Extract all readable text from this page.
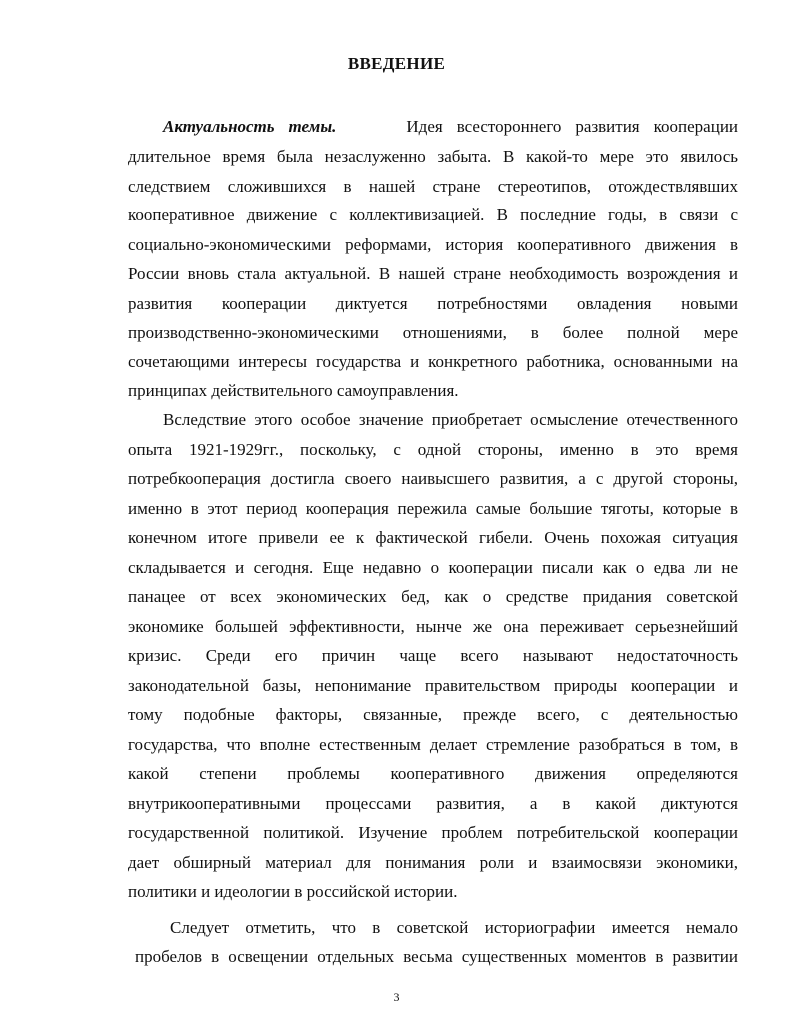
ВВЕДЕНИЕ
Актуальность темы.	Идея всестороннего развития кооперации
длительное время была незаслуженно забыта. В какой-то мере это явилось
следствием сложившихся в нашей стране стереотипов, отождествлявших
кооперативное движение с коллективизацией. В последние годы, в связи с
социально-экономическими реформами, история кооперативного движения в
России вновь стала актуальной. В нашей стране необходимость возрождения и
развития кооперации диктуется потребностями овладения новыми
производственно-экономическими отношениями, в более полной мере
сочетающими интересы государства и конкретного работника, основанными на
принципах действительного самоуправления.
Вследствие этого особое значение приобретает осмысление отечественного
опыта 1921-1929гг., поскольку, с одной стороны, именно в это время
потребкооперация достигла своего наивысшего развития, а с другой стороны,
именно в этот период кооперация пережила самые большие тяготы, которые в
конечном итоге привели ее к фактической гибели. Очень похожая ситуация
складывается и сегодня. Еще недавно о кооперации писали как о едва ли не
панацее от всех экономических бед, как о средстве придания советской
экономике большей эффективности, нынче же она переживает серьезнейший
кризис. Среди его причин чаще всего называют недостаточность
законодательной базы, непонимание правительством природы кооперации и
тому подобные факторы, связанные, прежде всего, с деятельностью
государства, что вполне естественным делает стремление разобраться в том, в
какой степени проблемы кооперативного движения определяются
внутрикооперативными процессами развития, а в какой диктуются
государственной политикой. Изучение проблем потребительской кооперации
дает обширный материал для понимания роли и взаимосвязи экономики,
политики и идеологии в российской истории.
Следует отметить, что в советской историографии имеется немало
пробелов в освещении отдельных весьма существенных моментов в развитии
3
